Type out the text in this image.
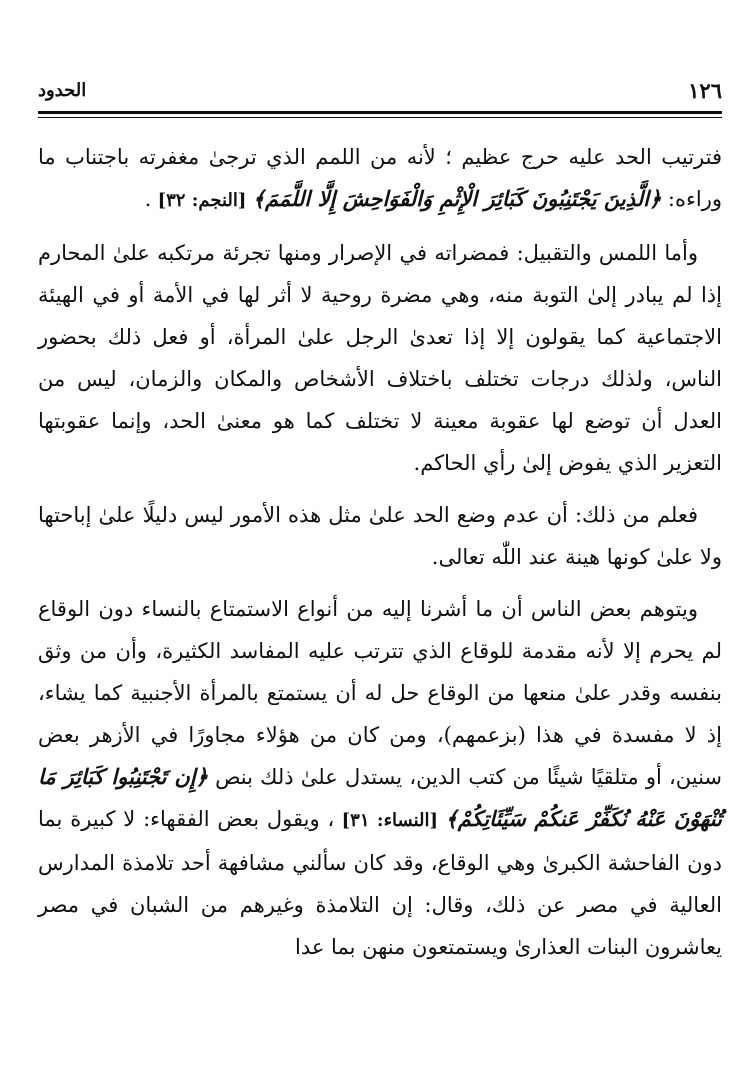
١٢٦
الحدود

فترتيب الحد عليه حرج عظيم ؛ لأنه من اللمم الذي ترجىٰ مغفرته باجتناب ما وراءه: ﴿الَّذِينَ يَجْتَنِبُونَ كَبَائِرَ الْإِثْمِ وَالْفَوَاحِشَ إِلَّا اللَّمَمَ﴾ [النجم: ٣٢] .

وأما اللمس والتقبيل: فمضراته في الإصرار ومنها تجرئة مرتكبه علىٰ المحارم إذا لم يبادر إلىٰ التوبة منه، وهي مضرة روحية لا أثر لها في الأمة أو في الهيئة الاجتماعية كما يقولون إلا إذا تعدىٰ الرجل علىٰ المرأة، أو فعل ذلك بحضور الناس، ولذلك درجات تختلف باختلاف الأشخاص والمكان والزمان، ليس من العدل أن توضع لها عقوبة معينة لا تختلف كما هو معنىٰ الحد، وإنما عقوبتها التعزير الذي يفوض إلىٰ رأي الحاكم.

فعلم من ذلك: أن عدم وضع الحد علىٰ مثل هذه الأمور ليس دليلًا علىٰ إباحتها ولا علىٰ كونها هينة عند اللّٰه تعالى.

ويتوهم بعض الناس أن ما أشرنا إليه من أنواع الاستمتاع بالنساء دون الوقاع لم يحرم إلا لأنه مقدمة للوقاع الذي تترتب عليه المفاسد الكثيرة، وأن من وثق بنفسه وقدر علىٰ منعها من الوقاع حل له أن يستمتع بالمرأة الأجنبية كما يشاء، إذ لا مفسدة في هذا (بزعمهم)، ومن كان من هؤلاء مجاورًا في الأزهر بعض سنين، أو متلقيًا شيئًا من كتب الدين، يستدل علىٰ ذلك بنص ﴿إِن تَجْتَنِبُوا كَبَائِرَ مَا تُنْهَوْنَ عَنْهُ نُكَفِّرْ عَنكُمْ سَيِّئَاتِكُمْ﴾ [النساء: ٣١] ، ويقول بعض الفقهاء: لا كبيرة بما دون الفاحشة الكبرىٰ وهي الوقاع، وقد كان سألني مشافهة أحد تلامذة المدارس العالية في مصر عن ذلك، وقال: إن التلامذة وغيرهم من الشبان في مصر يعاشرون البنات العذارىٰ ويستمتعون منهن بما عدا
